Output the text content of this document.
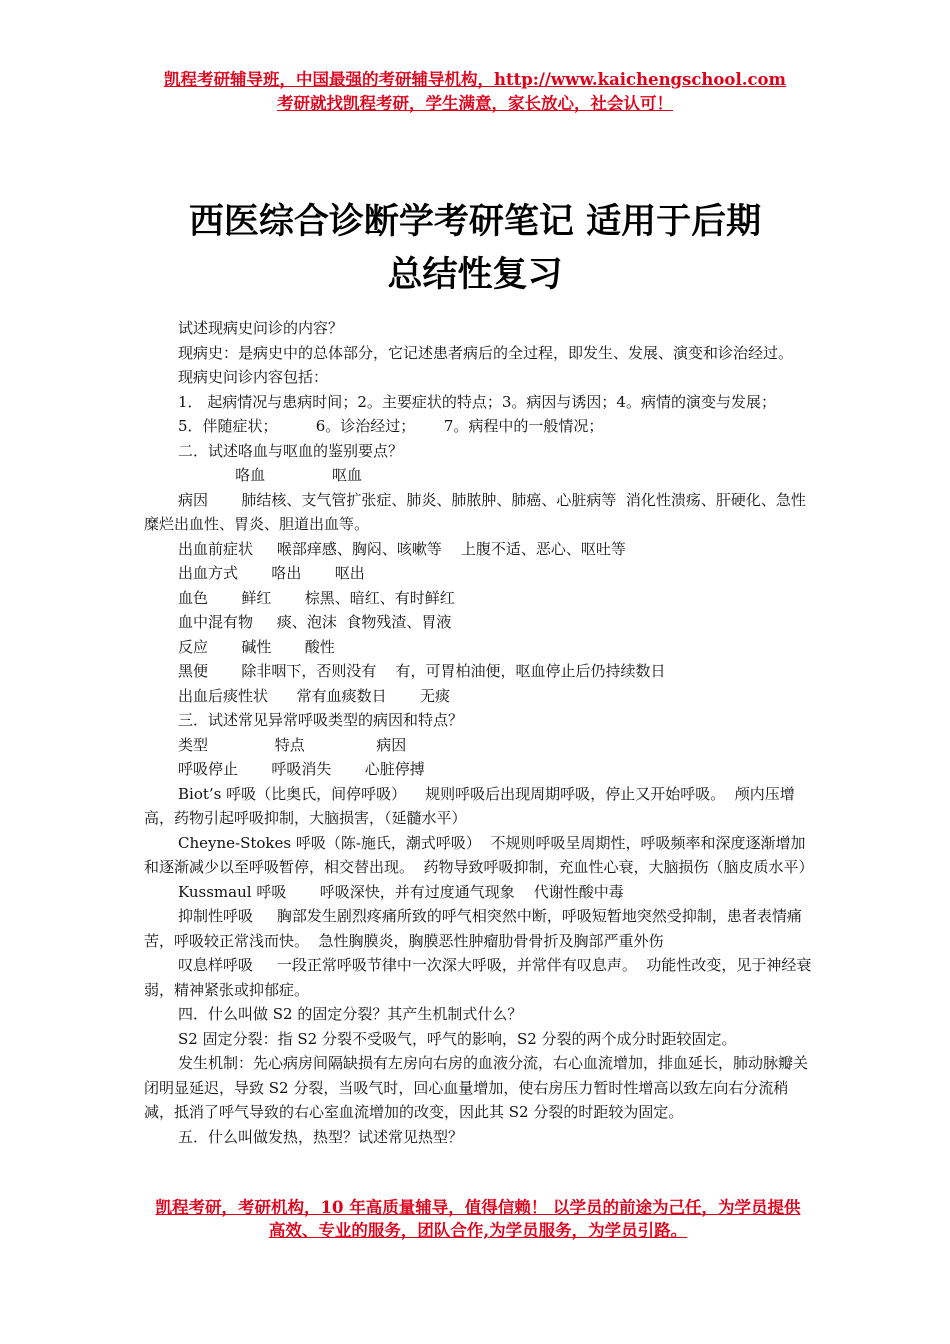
凯程考研辅导班，中国最强的考研辅导机构，http://www.kaichengschool.com
考研就找凯程考研，学生满意，家长放心，社会认可！
西医综合诊断学考研笔记 适用于后期
总结性复习

试述现病史问诊的内容？

现病史：是病史中的总体部分，它记述患者病后的全过程，即发生、发展、演变和诊治经过。

现病史问诊内容包括：

1． 起病情况与患病时间；2。主要症状的特点；3。病因与诱因；4。病情的演变与发展；

5．伴随症状；        6。诊治经过；      7。病程中的一般情况；

二．试述咯血与呕血的鉴别要点？

咯血              呕血

病因       肺结核、支气管扩张症、肺炎、肺脓肿、肺癌、心脏病等  消化性溃疡、肝硬化、急性糜烂出血性、胃炎、胆道出血等。

出血前症状     喉部痒感、胸闷、咳嗽等    上腹不适、恶心、呕吐等

出血方式       咯出       呕出

血色       鲜红       棕黑、暗红、有时鲜红

血中混有物     痰、泡沫  食物残渣、胃液

反应       碱性       酸性

黑便       除非咽下，否则没有    有，可胃柏油便，呕血停止后仍持续数日

出血后痰性状      常有血痰数日       无痰

三．试述常见异常呼吸类型的病因和特点？

类型              特点               病因

呼吸停止       呼吸消失       心脏停搏

Biot’s 呼吸（比奥氏，间停呼吸）    规则呼吸后出现周期呼吸，停止又开始呼吸。  颅内压增高，药物引起呼吸抑制，大脑损害，（延髓水平）

Cheyne-Stokes 呼吸（陈-施氏，潮式呼吸）  不规则呼吸呈周期性，呼吸频率和深度逐渐增加和逐渐减少以至呼吸暂停，相交替出现。  药物导致呼吸抑制，充血性心衰，大脑损伤（脑皮质水平）

Kussmaul 呼吸       呼吸深快，并有过度通气现象    代谢性酸中毒

抑制性呼吸     胸部发生剧烈疼痛所致的呼气相突然中断，呼吸短暂地突然受抑制，患者表情痛苦，呼吸较正常浅而快。  急性胸膜炎，胸膜恶性肿瘤肋骨骨折及胸部严重外伤

叹息样呼吸     一段正常呼吸节律中一次深大呼吸，并常伴有叹息声。  功能性改变，见于神经衰弱，精神紧张或抑郁症。

四．什么叫做 S2 的固定分裂？其产生机制式什么？

S2 固定分裂：指 S2 分裂不受吸气，呼气的影响，S2 分裂的两个成分时距较固定。

发生机制：先心病房间隔缺损有左房向右房的血液分流，右心血流增加，排血延长，肺动脉瓣关闭明显延迟，导致 S2 分裂，当吸气时，回心血量增加，使右房压力暂时性增高以致左向右分流稍减，抵消了呼气导致的右心室血流增加的改变，因此其 S2 分裂的时距较为固定。

五．什么叫做发热，热型？试述常见热型？

凯程考研，考研机构，10 年高质量辅导，值得信赖！ 以学员的前途为己任，为学员提供
高效、专业的服务，团队合作,为学员服务，为学员引路。
